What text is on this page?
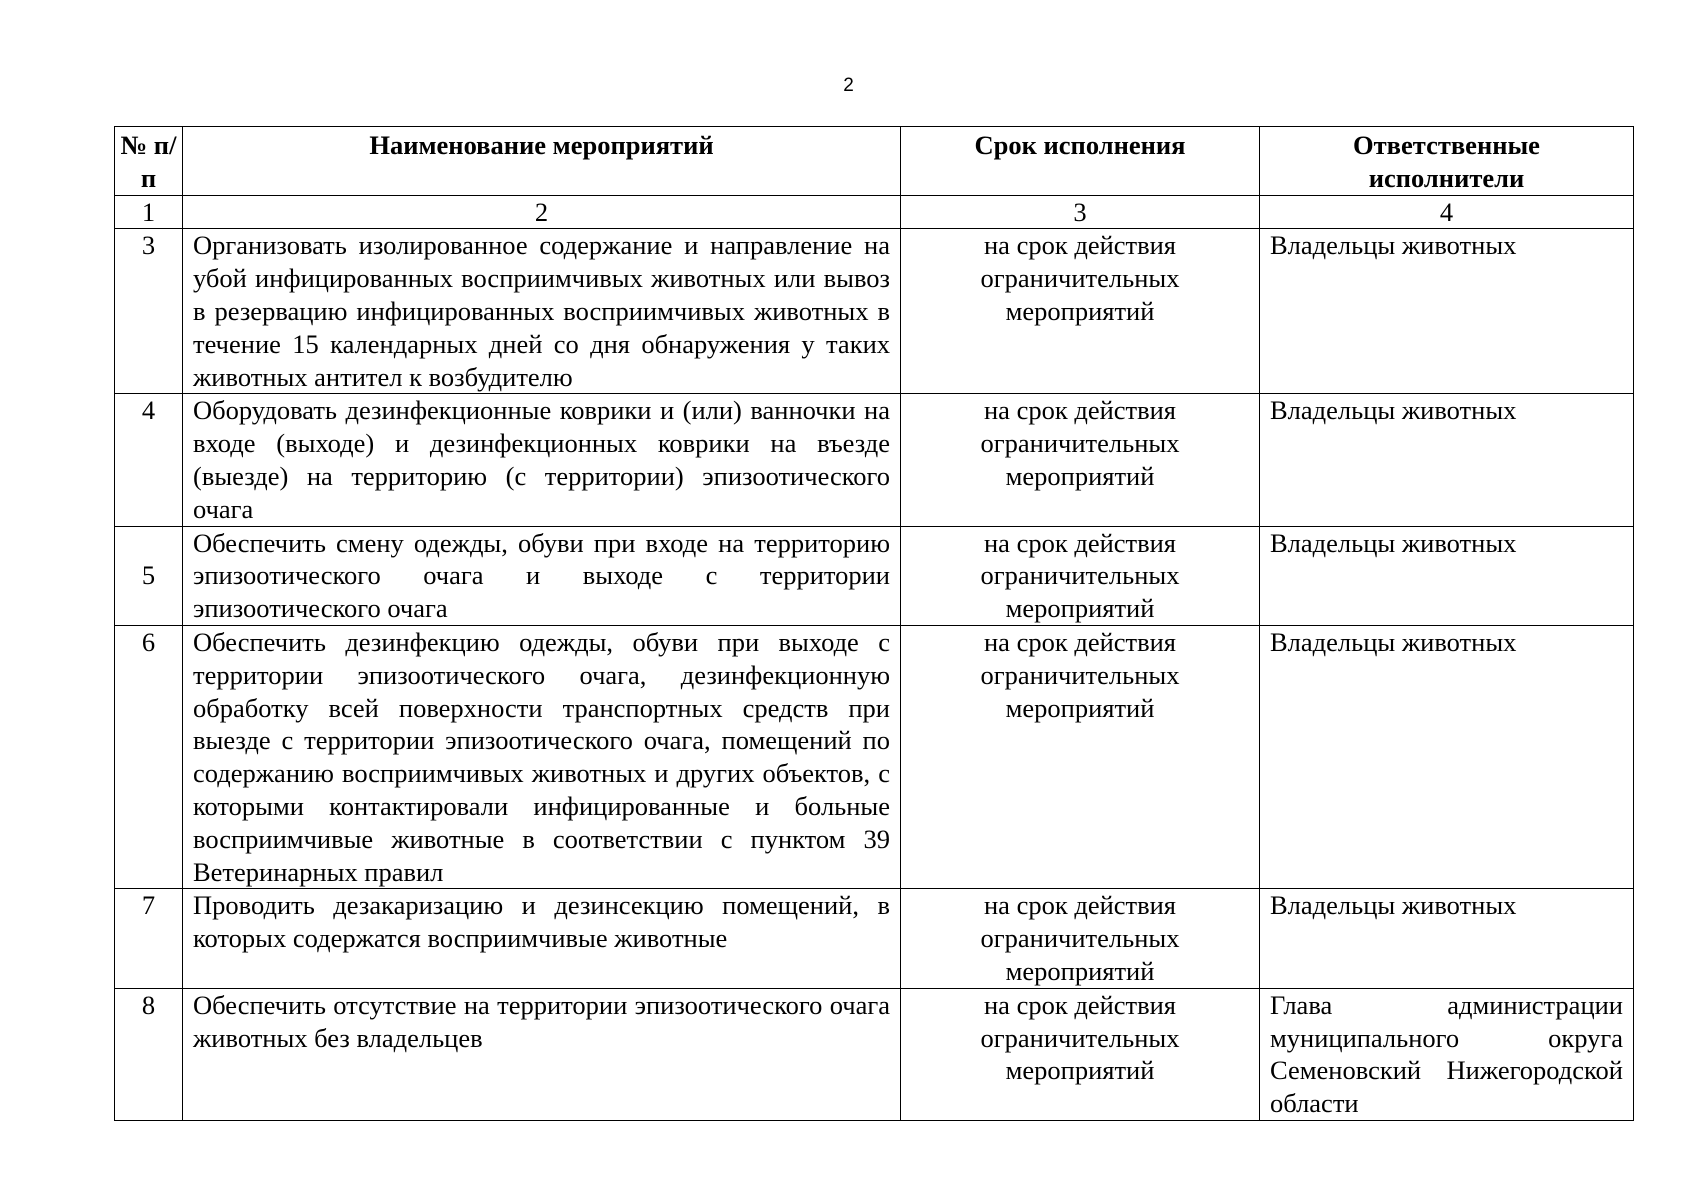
2
№ п/п	Наименование мероприятий	Срок исполнения	Ответственные исполнители
1	2	3	4
3	Организовать изолированное содержание и направление на убой инфицированных восприимчивых животных или вывоз в резервацию инфицированных восприимчивых животных в течение 15 календарных дней со дня обнаружения у таких животных антител к возбудителю	на срок действия ограничительных мероприятий	Владельцы животных
4	Оборудовать дезинфекционные коврики и (или) ванночки на входе (выходе) и дезинфекционных коврики на въезде (выезде) на территорию (с территории) эпизоотического очага	на срок действия ограничительных мероприятий	Владельцы животных
5	Обеспечить смену одежды, обуви при входе на территорию эпизоотического очага и выходе с территории эпизоотического очага	на срок действия ограничительных мероприятий	Владельцы животных
6	Обеспечить дезинфекцию одежды, обуви при выходе с территории эпизоотического очага, дезинфекционную обработку всей поверхности транспортных средств при выезде с территории эпизоотического очага, помещений по содержанию восприимчивых животных и других объектов, с которыми контактировали инфицированные и больные восприимчивые животные в соответствии с пунктом 39 Ветеринарных правил	на срок действия ограничительных мероприятий	Владельцы животных
7	Проводить дезакаризацию и дезинсекцию помещений, в которых содержатся восприимчивые животные	на срок действия ограничительных мероприятий	Владельцы животных
8	Обеспечить отсутствие на территории эпизоотического очага животных без владельцев	на срок действия ограничительных мероприятий	Глава администрации муниципального округа Семеновский Нижегородской области
